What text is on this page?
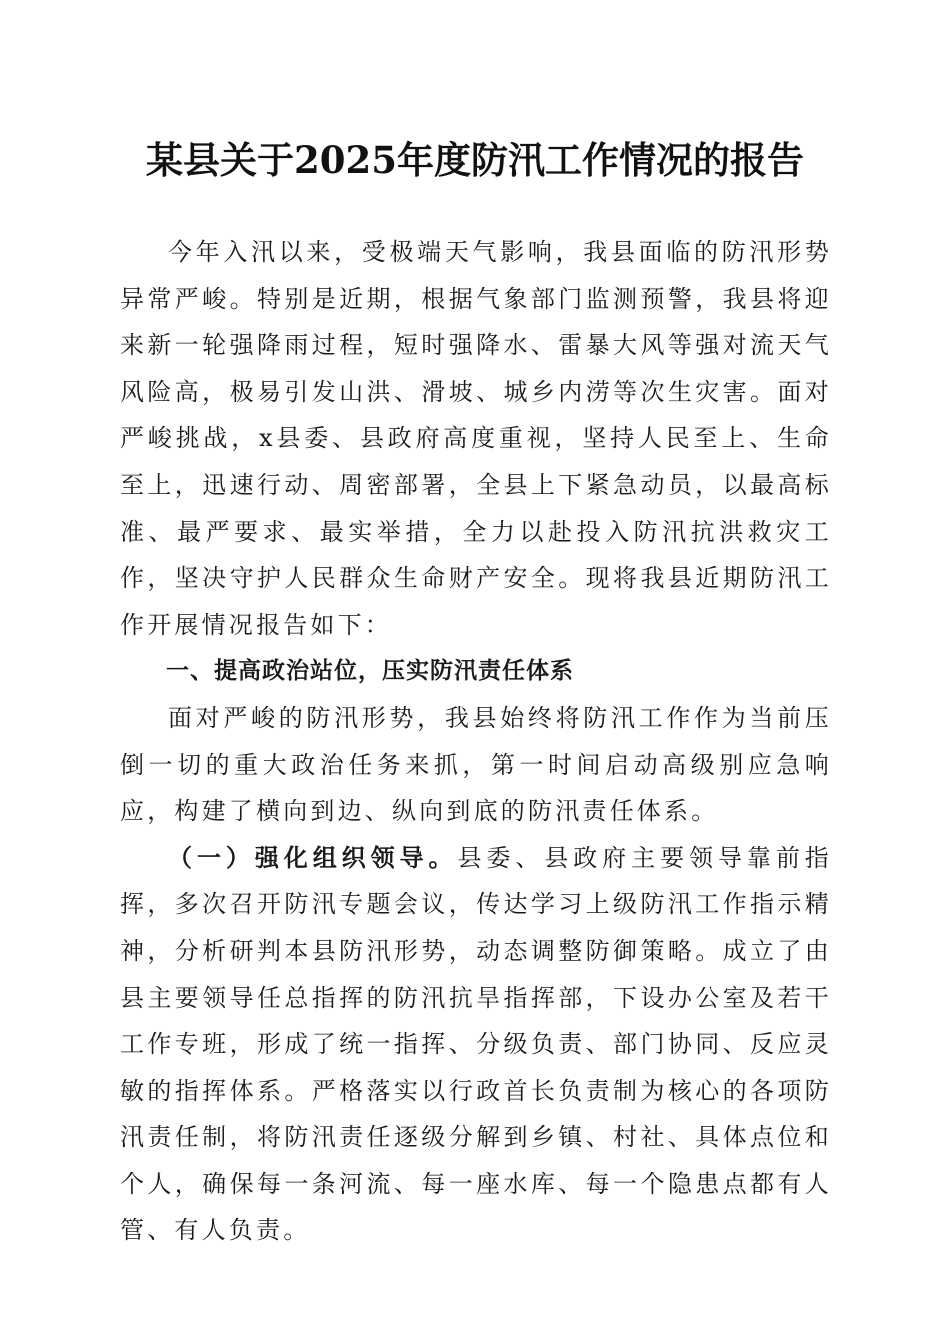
某县关于2025年度防汛工作情况的报告

今年入汛以来，受极端天气影响，我县面临的防汛形势异常严峻。特别是近期，根据气象部门监测预警，我县将迎来新一轮强降雨过程，短时强降水、雷暴大风等强对流天气风险高，极易引发山洪、滑坡、城乡内涝等次生灾害。面对严峻挑战，x县委、县政府高度重视，坚持人民至上、生命至上，迅速行动、周密部署，全县上下紧急动员，以最高标准、最严要求、最实举措，全力以赴投入防汛抗洪救灾工作，坚决守护人民群众生命财产安全。现将我县近期防汛工作开展情况报告如下：

一、提高政治站位，压实防汛责任体系

面对严峻的防汛形势，我县始终将防汛工作作为当前压倒一切的重大政治任务来抓，第一时间启动高级别应急响应，构建了横向到边、纵向到底的防汛责任体系。

（一）强化组织领导。县委、县政府主要领导靠前指挥，多次召开防汛专题会议，传达学习上级防汛工作指示精神，分析研判本县防汛形势，动态调整防御策略。成立了由县主要领导任总指挥的防汛抗旱指挥部，下设办公室及若干工作专班，形成了统一指挥、分级负责、部门协同、反应灵敏的指挥体系。严格落实以行政首长负责制为核心的各项防汛责任制，将防汛责任逐级分解到乡镇、村社、具体点位和个人，确保每一条河流、每一座水库、每一个隐患点都有人管、有人负责。
